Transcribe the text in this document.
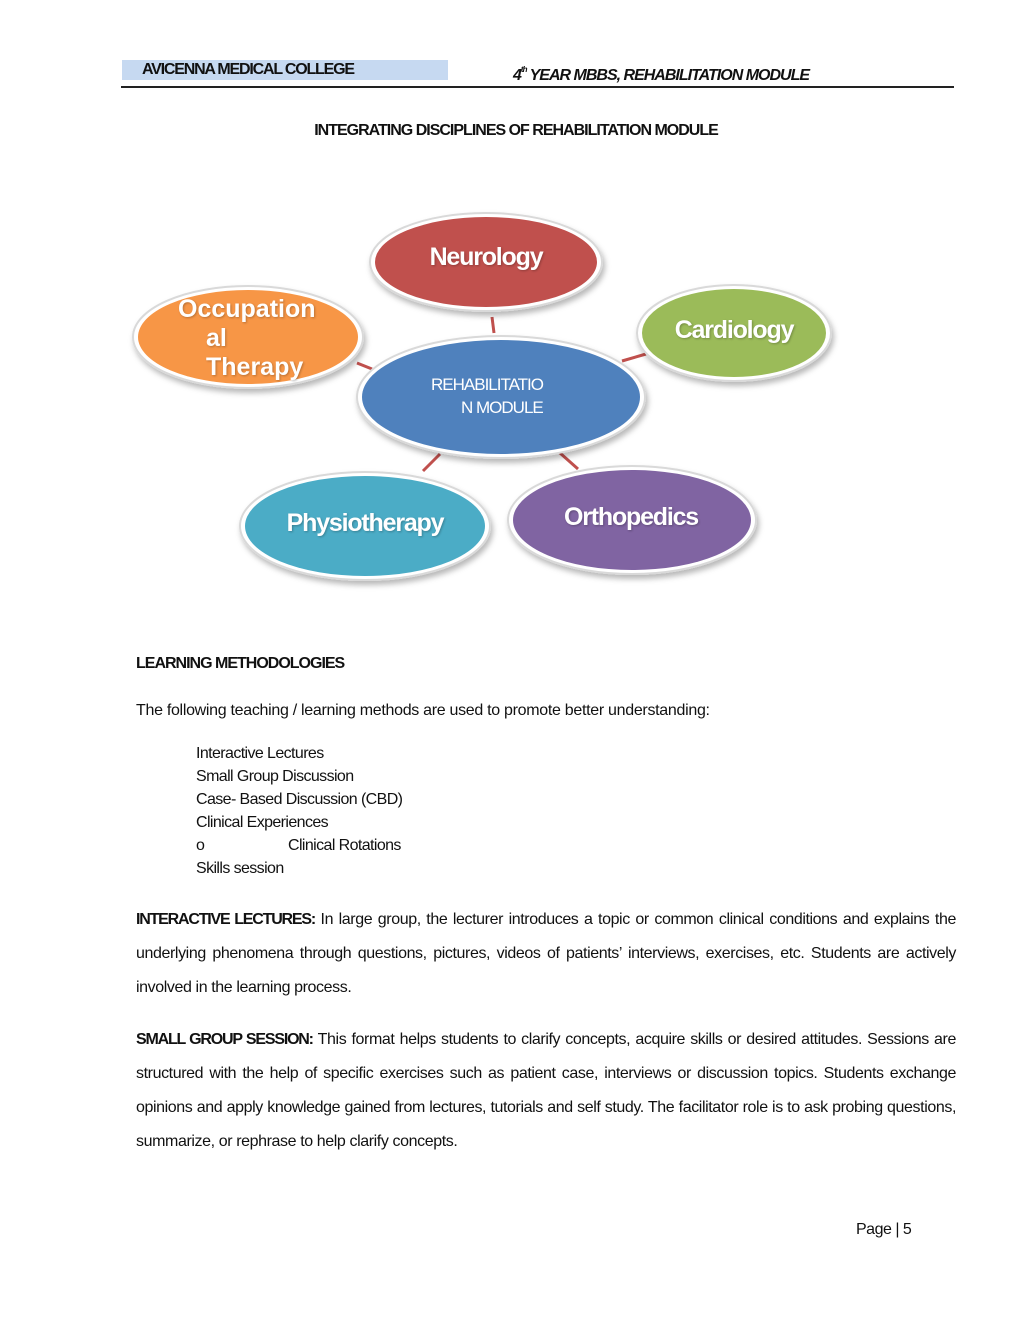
AVICENNA MEDICAL COLLEGE	4th YEAR MBBS, REHABILITATION MODULE
INTEGRATING DISCIPLINES OF REHABILITATION MODULE
Neurology
Cardiology
Orthopedics
Physiotherapy
Occupation
al
Therapy
REHABILITATIO
N MODULE
LEARNING METHODOLOGIES
The following teaching / learning methods are used to promote better understanding:
Interactive Lectures
Small Group Discussion
Case- Based Discussion (CBD)
Clinical Experiences
o	Clinical Rotations
Skills session
INTERACTIVE LECTURES: In large group, the lecturer introduces a topic or common clinical conditions and explains the underlying phenomena through questions, pictures, videos of patients’ interviews, exercises, etc. Students are actively involved in the learning process.
SMALL GROUP SESSION: This format helps students to clarify concepts, acquire skills or desired attitudes. Sessions are structured with the help of specific exercises such as patient case, interviews or discussion topics. Students exchange opinions and apply knowledge gained from lectures, tutorials and self study. The facilitator role is to ask probing questions, summarize, or rephrase to help clarify concepts.
Page | 5
